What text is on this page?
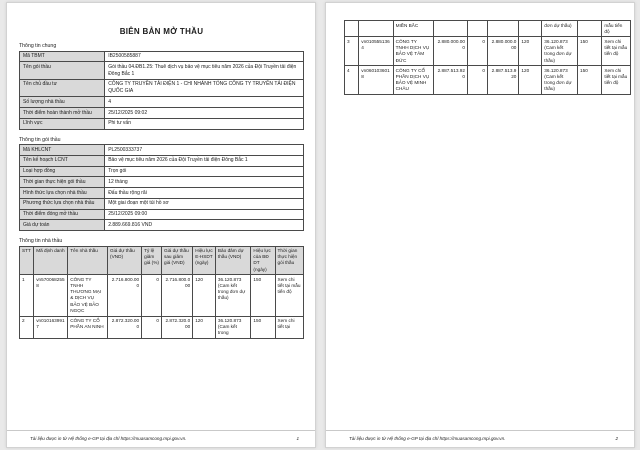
BIÊN BẢN MỞ THẦU
Thông tin chung
Mã TBMT	IB2500585887
Tên gói thầu	Gói thầu 04.ĐB1.25: Thuê dịch vụ bảo vệ mục tiêu năm 2026 của Đội Truyền tải điện Đông Bắc 1
Tên chủ đầu tư	CÔNG TY TRUYỀN TẢI ĐIỆN 1 - CHI NHÁNH TỔNG CÔNG TY TRUYỀN TẢI ĐIỆN QUỐC GIA
Số lượng nhà thầu	4
Thời điểm hoàn thành mở thầu	25/12/2025 09:02
Lĩnh vực	Phi tư vấn
Thông tin gói thầu
Mã KHLCNT	PL2500333737
Tên kế hoạch LCNT	Bảo vệ mục tiêu năm 2026 của Đội Truyền tải điện Đông Bắc 1
Loại hợp đồng	Trọn gói
Thời gian thực hiện gói thầu	12 tháng
Hình thức lựa chọn nhà thầu	Đấu thầu rộng rãi
Phương thức lựa chọn nhà thầu	Một giai đoạn một túi hồ sơ
Thời điểm đóng mở thầu	25/12/2025 09:00
Giá dự toán	2.889.669.816 VND
Thông tin nhà thầu
STT	Mã định danh	Tên nhà thầu	Giá dự thầu (VND)	Tỷ lệ giảm giá (%)	Giá dự thầu sau giảm giá (VND)	Hiệu lực E-HSDT (ngày)	Bảo đảm dự thầu (VND)	Hiệu lực của BĐ DT (ngày)	Thời gian thực hiện gói thầu
1	vn5700682558	CÔNG TY TNHH THƯƠNG MẠI & DỊCH VỤ BẢO VỆ BẢO NGỌC	2.716.800.000	0	2.716.800.000	120	36.120.873 (Cam kết trong đơn dự thầu)	150	Xem chi tiết tại mẫu tiến độ
2	vn0101639917	CÔNG TY CỔ PHẦN AN NINH	2.872.320.000	0	2.872.320.000	120	36.120.873 (Cam kết trong	150	Xem chi tiết tại
Tài liệu được in từ Hệ thống e-GP tại địa chỉ https://muasamcong.mpi.gov.vn.	1
		MIỀN BẮC					đơn dự thầu)		mẫu tiến độ
3	vn0105551364	CÔNG TY TNHH DỊCH VỤ BẢO VỆ TÂM ĐỨC	2.880.000.000	0	2.880.000.000	120	36.120.873 (Cam kết trong đơn dự thầu)	150	Xem chi tiết tại mẫu tiến độ
4	vn0601036018	CÔNG TY CỔ PHẦN DỊCH VỤ BẢO VỆ MINH CHÂU	2.887.513.920	0	2.887.513.920	120	36.120.873 (Cam kết trong đơn dự thầu)	150	Xem chi tiết tại mẫu tiến độ
Tài liệu được in từ Hệ thống e-GP tại địa chỉ https://muasamcong.mpi.gov.vn.	2
